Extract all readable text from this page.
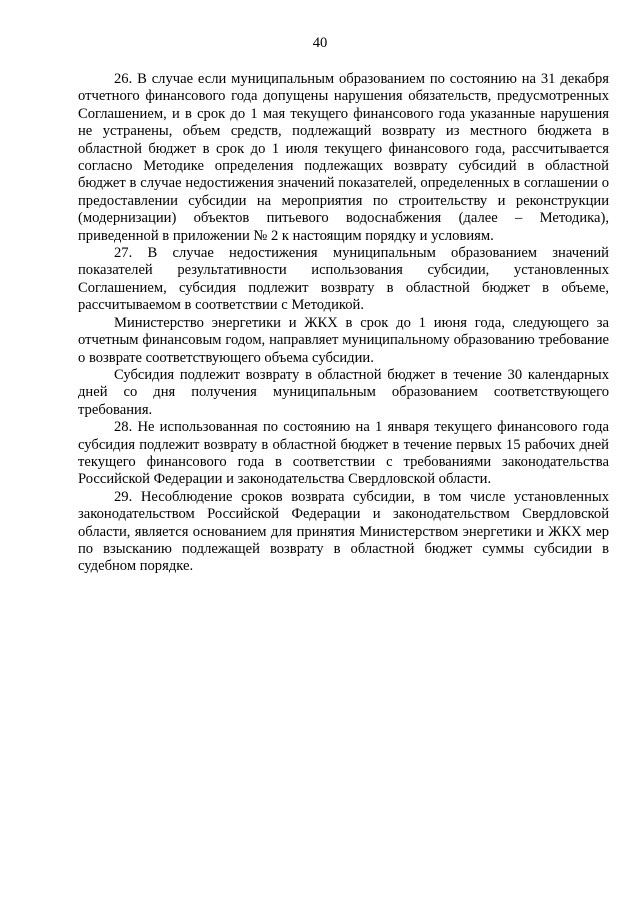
40

26. В случае если муниципальным образованием по состоянию на 31 декабря отчетного финансового года допущены нарушения обязательств, предусмотренных Соглашением, и в срок до 1 мая текущего финансового года указанные нарушения не устранены, объем средств, подлежащий возврату из местного бюджета в областной бюджет в срок до 1 июля текущего финансового года, рассчитывается согласно Методике определения подлежащих возврату субсидий в областной бюджет в случае недостижения значений показателей, определенных в соглашении о предоставлении субсидии на мероприятия по строительству и реконструкции (модернизации) объектов питьевого водоснабжения (далее – Методика), приведенной в приложении № 2 к настоящим порядку и условиям.

27. В случае недостижения муниципальным образованием значений показателей результативности использования субсидии, установленных Соглашением, субсидия подлежит возврату в областной бюджет в объеме, рассчитываемом в соответствии с Методикой.

Министерство энергетики и ЖКХ в срок до 1 июня года, следующего за отчетным финансовым годом, направляет муниципальному образованию требование о возврате соответствующего объема субсидии.

Субсидия подлежит возврату в областной бюджет в течение 30 календарных дней со дня получения муниципальным образованием соответствующего требования.

28. Не использованная по состоянию на 1 января текущего финансового года субсидия подлежит возврату в областной бюджет в течение первых 15 рабочих дней текущего финансового года в соответствии с требованиями законодательства Российской Федерации и законодательства Свердловской области.

29. Несоблюдение сроков возврата субсидии, в том числе установленных законодательством Российской Федерации и законодательством Свердловской области, является основанием для принятия Министерством энергетики и ЖКХ мер по взысканию подлежащей возврату в областной бюджет суммы субсидии в судебном порядке.
